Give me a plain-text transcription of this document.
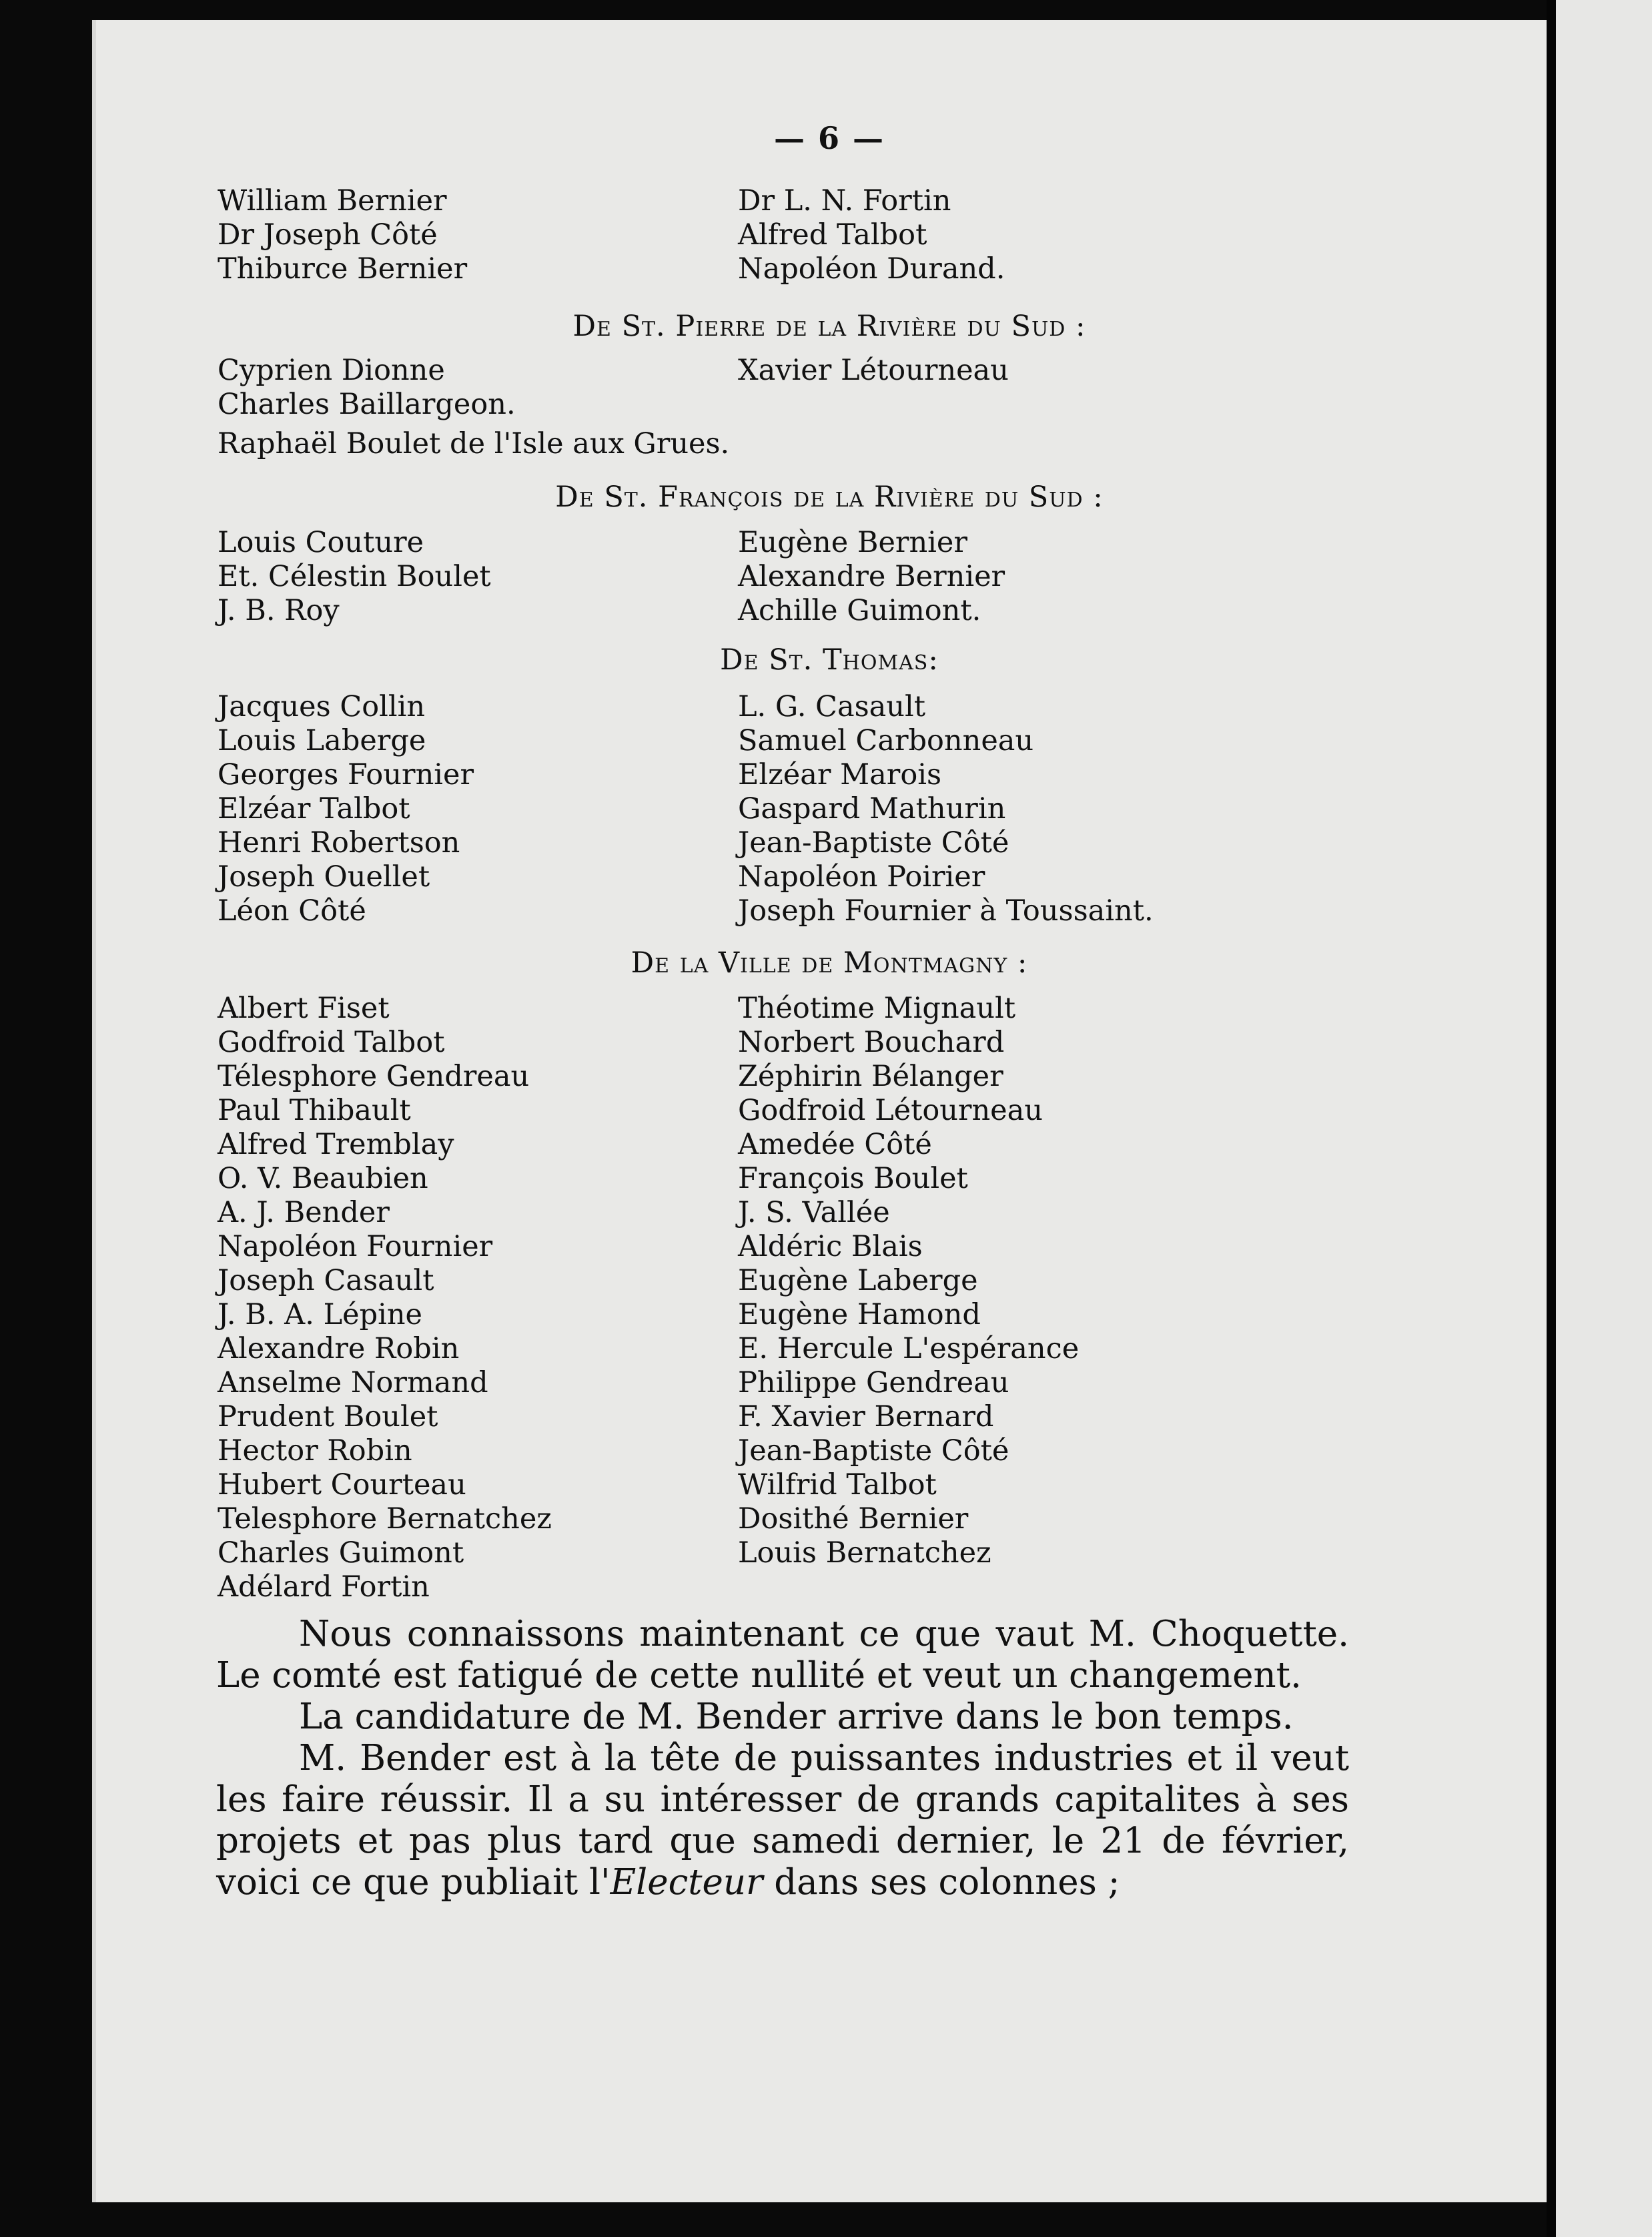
— 6 —
William Bernier
Dr Joseph Côté
Thiburce Bernier
Dr L. N. Fortin
Alfred Talbot
Napoléon Durand.
De St. Pierre de la Rivière du Sud :
Cyprien Dionne
Charles Baillargeon.
Xavier Létourneau
Raphaël Boulet de l'Isle aux Grues.
De St. François de la Rivière du Sud :
Louis Couture
Et. Célestin Boulet
J. B. Roy
Eugène Bernier
Alexandre Bernier
Achille Guimont.
De St. Thomas:
Jacques Collin
Louis Laberge
Georges Fournier
Elzéar Talbot
Henri Robertson
Joseph Ouellet
Léon Côté
L. G. Casault
Samuel Carbonneau
Elzéar Marois
Gaspard Mathurin
Jean-Baptiste Côté
Napoléon Poirier
Joseph Fournier à Toussaint.
De la Ville de Montmagny :
Albert Fiset
Godfroid Talbot
Télesphore Gendreau
Paul Thibault
Alfred Tremblay
O. V. Beaubien
A. J. Bender
Napoléon Fournier
Joseph Casault
J. B. A. Lépine
Alexandre Robin
Anselme Normand
Prudent Boulet
Hector Robin
Hubert Courteau
Telesphore Bernatchez
Charles Guimont
Adélard Fortin
Théotime Mignault
Norbert Bouchard
Zéphirin Bélanger
Godfroid Létourneau
Amedée Côté
François Boulet
J. S. Vallée
Aldéric Blais
Eugène Laberge
Eugène Hamond
E. Hercule L'espérance
Philippe Gendreau
F. Xavier Bernard
Jean-Baptiste Côté
Wilfrid Talbot
Dosithé Bernier
Louis Bernatchez

Nous connaissons maintenant ce que vaut M. Choquette. Le comté est fatigué de cette nullité et veut un changement.

La candidature de M. Bender arrive dans le bon temps.

M. Bender est à la tête de puissantes industries et il veut les faire réussir. Il a su intéresser de grands capitalites à ses projets et pas plus tard que samedi dernier, le 21 de février, voici ce que publiait l'Electeur dans ses colonnes ;
